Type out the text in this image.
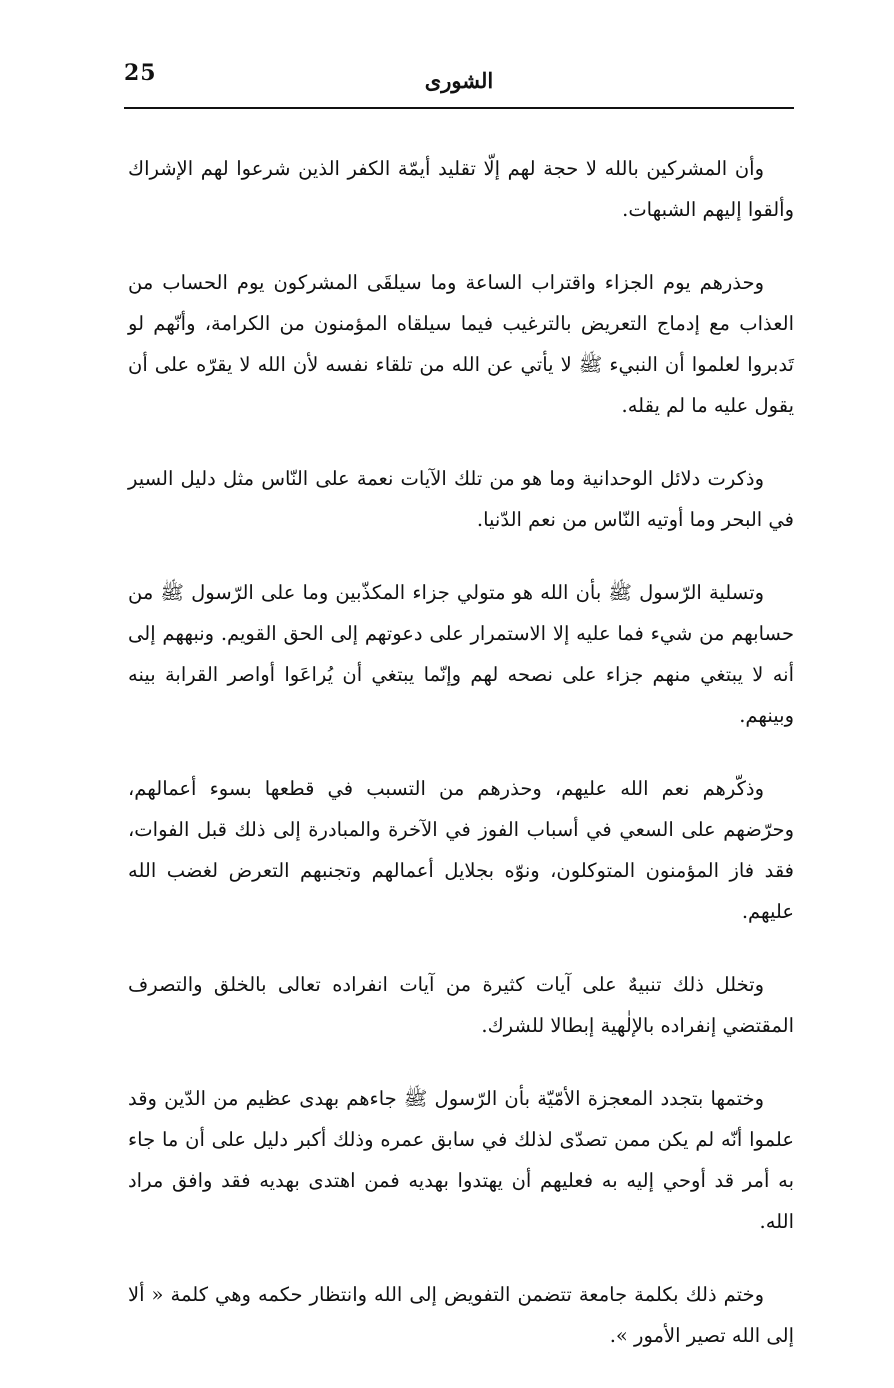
25	الشورى

وأن المشركين بالله لا حجة لهم إلّا تقليد أيمّة الكفر الذين شرعوا لهم الإشراك وألقوا إليهم الشبهات.

وحذرهم يوم الجزاء واقتراب الساعة وما سيلقَى المشركون يوم الحساب من العذاب مع إدماج التعريض بالترغيب فيما سيلقاه المؤمنون من الكرامة، وأنّهم لو تَدبروا لعلموا أن النبيء ﷺ لا يأتي عن الله من تلقاء نفسه لأن الله لا يقرّه على أن يقول عليه ما لم يقله.

وذكرت دلائل الوحدانية وما هو من تلك الآيات نعمة على النّاس مثل دليل السير في البحر وما أوتيه النّاس من نعم الدّنيا.

وتسلية الرّسول ﷺ بأن الله هو متولي جزاء المكذّبين وما على الرّسول ﷺ من حسابهم من شيء فما عليه إلا الاستمرار على دعوتهم إلى الحق القويم. ونبههم إلى أنه لا يبتغي منهم جزاء على نصحه لهم وإنّما يبتغي أن يُراعَوا أواصر القرابة بينه وبينهم.

وذكّرهم نعم الله عليهم، وحذرهم من التسبب في قطعها بسوء أعمالهم، وحرّضهم على السعي في أسباب الفوز في الآخرة والمبادرة إلى ذلك قبل الفوات، فقد فاز المؤمنون المتوكلون، ونوّه بجلايل أعمالهم وتجنبهم التعرض لغضب الله عليهم.

وتخلل ذلك تنبيهٌ على آيات كثيرة من آيات انفراده تعالى بالخلق والتصرف المقتضي إنفراده بالإلٰهية إبطالا للشرك.

وختمها بتجدد المعجزة الأمّيّة بأن الرّسول ﷺ جاءهم بهدى عظيم من الدّين وقد علموا أنّه لم يكن ممن تصدّى لذلك في سابق عمره وذلك أكبر دليل على أن ما جاء به أمر قد أوحي إليه به فعليهم أن يهتدوا بهديه فمن اهتدى بهديه فقد وافق مراد الله.

وختم ذلك بكلمة جامعة تتضمن التفويض إلى الله وانتظار حكمه وهي كلمة « ألا إلى الله تصير الأمور ».
